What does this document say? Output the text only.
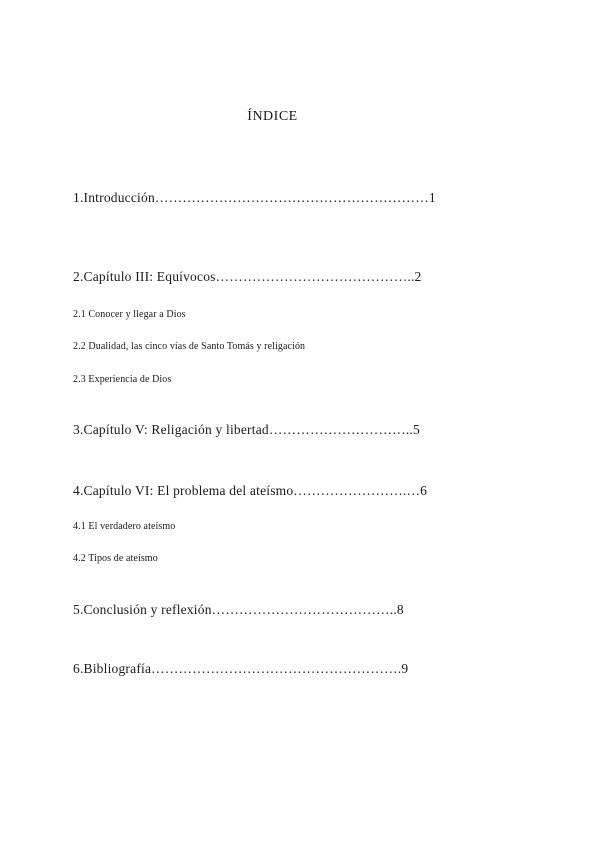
ÍNDICE
1.Introducción……………………………………………………1
2.Capítulo III: Equívocos……………………………………..2
2.1 Conocer y llegar a Dios
2.2 Dualidad, las cinco vías de Santo Tomás y religación
2.3 Experiencia de Dios
3.Capítulo V: Religación y libertad…………………………..5
4.Capítulo VI: El problema del ateísmo…………………….…6
4.1 El verdadero ateísmo
4.2 Tipos de ateísmo
5.Conclusión y reflexión…………………………………..8
6.Bibliografía……………………………………………….9
